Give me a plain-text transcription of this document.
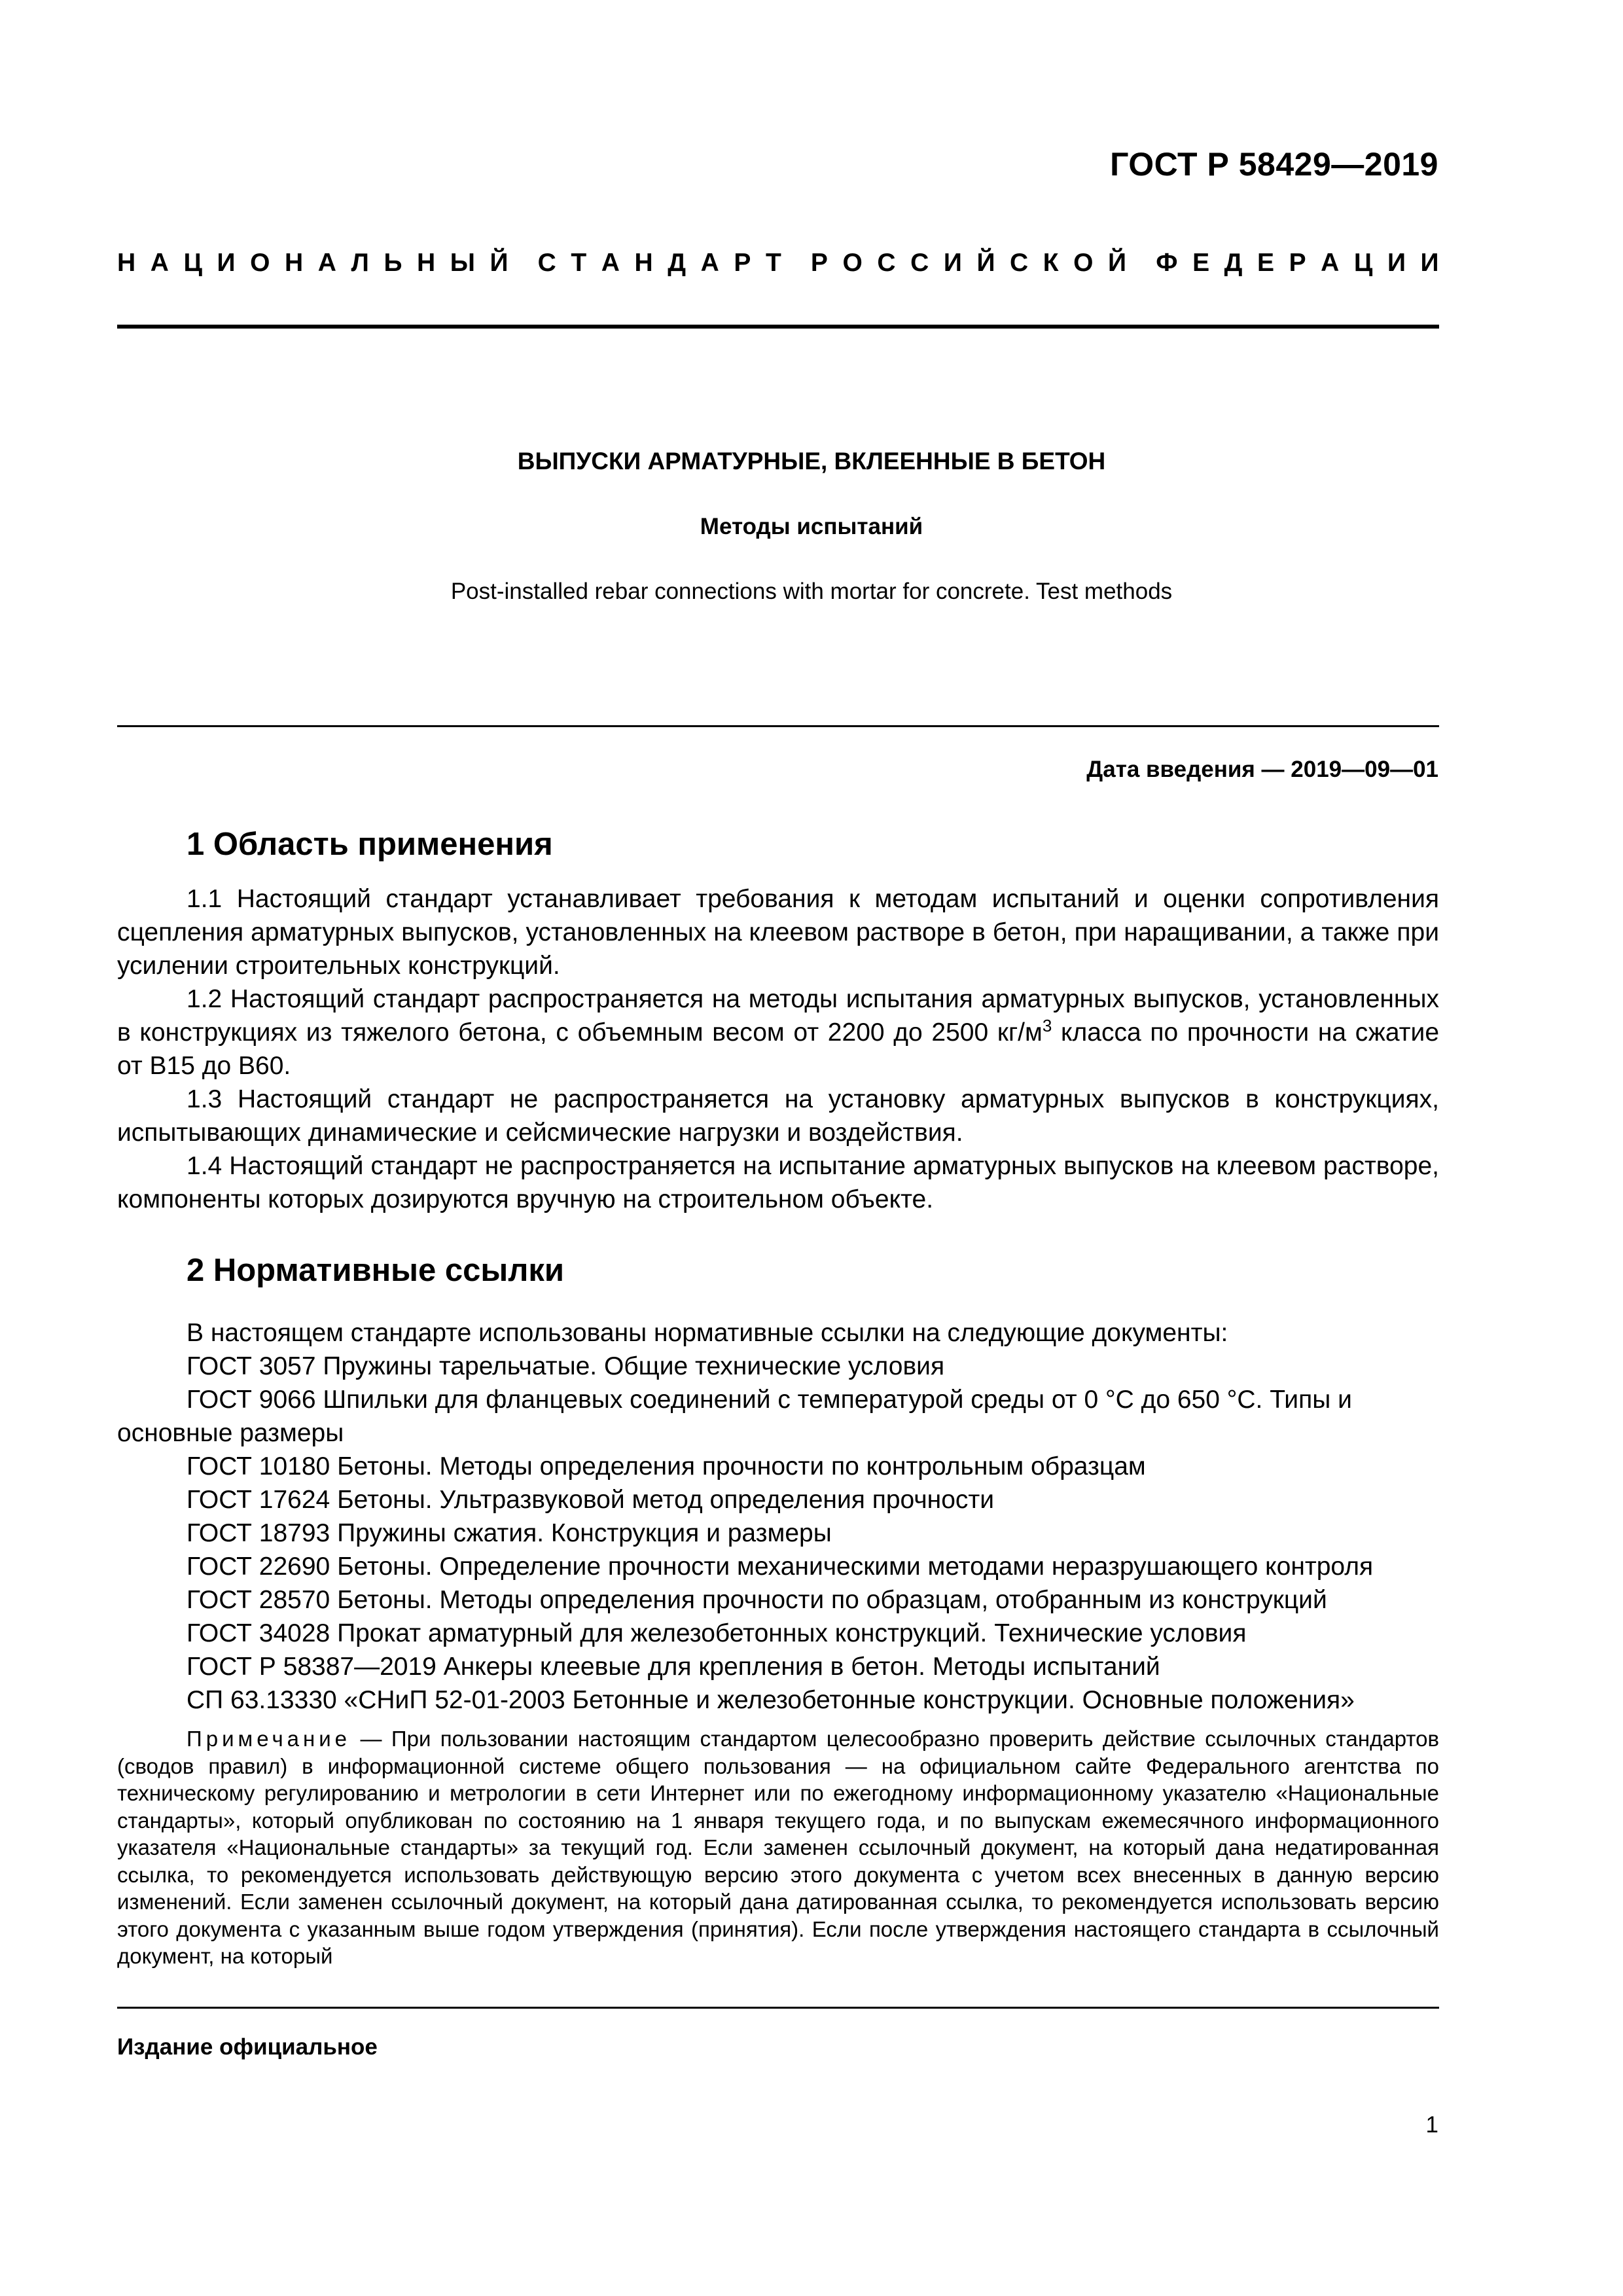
ГОСТ Р 58429—2019
Н А Ц И О Н А Л Ь Н Ы Й С Т А Н Д А Р Т Р О С С И Й С К О Й Ф Е Д Е Р А Ц И И
ВЫПУСКИ АРМАТУРНЫЕ, ВКЛЕЕННЫЕ В БЕТОН
Методы испытаний
Post-installed rebar connections with mortar for concrete. Test methods
Дата введения — 2019—09—01
1 Область применения

1.1 Настоящий стандарт устанавливает требования к методам испытаний и оценки сопротивления сцепления арматурных выпусков, установленных на клеевом растворе в бетон, при наращивании, а также при усилении строительных конструкций.

1.2 Настоящий стандарт распространяется на методы испытания арматурных выпусков, установленных в конструкциях из тяжелого бетона, с объемным весом от 2200 до 2500 $кг/м^3$ класса по прочности на сжатие от В15 до В60.

1.3 Настоящий стандарт не распространяется на установку арматурных выпусков в конструкциях, испытывающих динамические и сейсмические нагрузки и воздействия.

1.4 Настоящий стандарт не распространяется на испытание арматурных выпусков на клеевом растворе, компоненты которых дозируются вручную на строительном объекте.

2 Нормативные ссылки

В настоящем стандарте использованы нормативные ссылки на следующие документы:

ГОСТ 3057 Пружины тарельчатые. Общие технические условия

ГОСТ 9066 Шпильки для фланцевых соединений с температурой среды от 0 °С до 650 °С. Типы и основные размеры

ГОСТ 10180 Бетоны. Методы определения прочности по контрольным образцам

ГОСТ 17624 Бетоны. Ультразвуковой метод определения прочности

ГОСТ 18793 Пружины сжатия. Конструкция и размеры

ГОСТ 22690 Бетоны. Определение прочности механическими методами неразрушающего контроля

ГОСТ 28570 Бетоны. Методы определения прочности по образцам, отобранным из конструкций

ГОСТ 34028 Прокат арматурный для железобетонных конструкций. Технические условия

ГОСТ Р 58387—2019 Анкеры клеевые для крепления в бетон. Методы испытаний

СП 63.13330 «СНиП 52-01-2003 Бетонные и железобетонные конструкции. Основные положения»

Примечание — При пользовании настоящим стандартом целесообразно проверить действие ссылочных стандартов (сводов правил) в информационной системе общего пользования — на официальном сайте Федерального агентства по техническому регулированию и метрологии в сети Интернет или по ежегодному информационному указателю «Национальные стандарты», который опубликован по состоянию на 1 января текущего года, и по выпускам ежемесячного информационного указателя «Национальные стандарты» за текущий год. Если заменен ссылочный документ, на который дана недатированная ссылка, то рекомендуется использовать действующую версию этого документа с учетом всех внесенных в данную версию изменений. Если заменен ссылочный документ, на который дана датированная ссылка, то рекомендуется использовать версию этого документа с указанным выше годом утверждения (принятия). Если после утверждения настоящего стандарта в ссылочный документ, на который
Издание официальное
1
